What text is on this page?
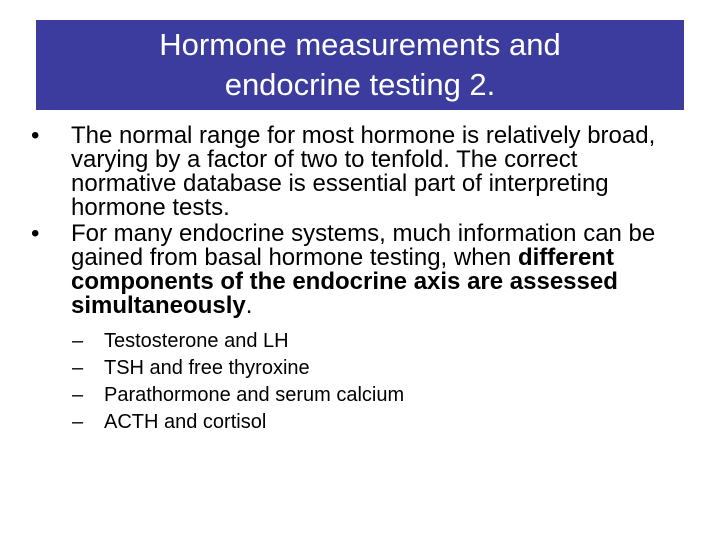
Hormone measurements and
endocrine testing 2.
• The normal range for most hormone is relatively broad, varying by a factor of two to tenfold. The correct normative database is essential part of interpreting hormone tests.
• For many endocrine systems, much information can be gained from basal hormone testing, when different components of the endocrine axis are assessed simultaneously.
– Testosterone and LH
– TSH and free thyroxine
– Parathormone and serum calcium
– ACTH and cortisol
